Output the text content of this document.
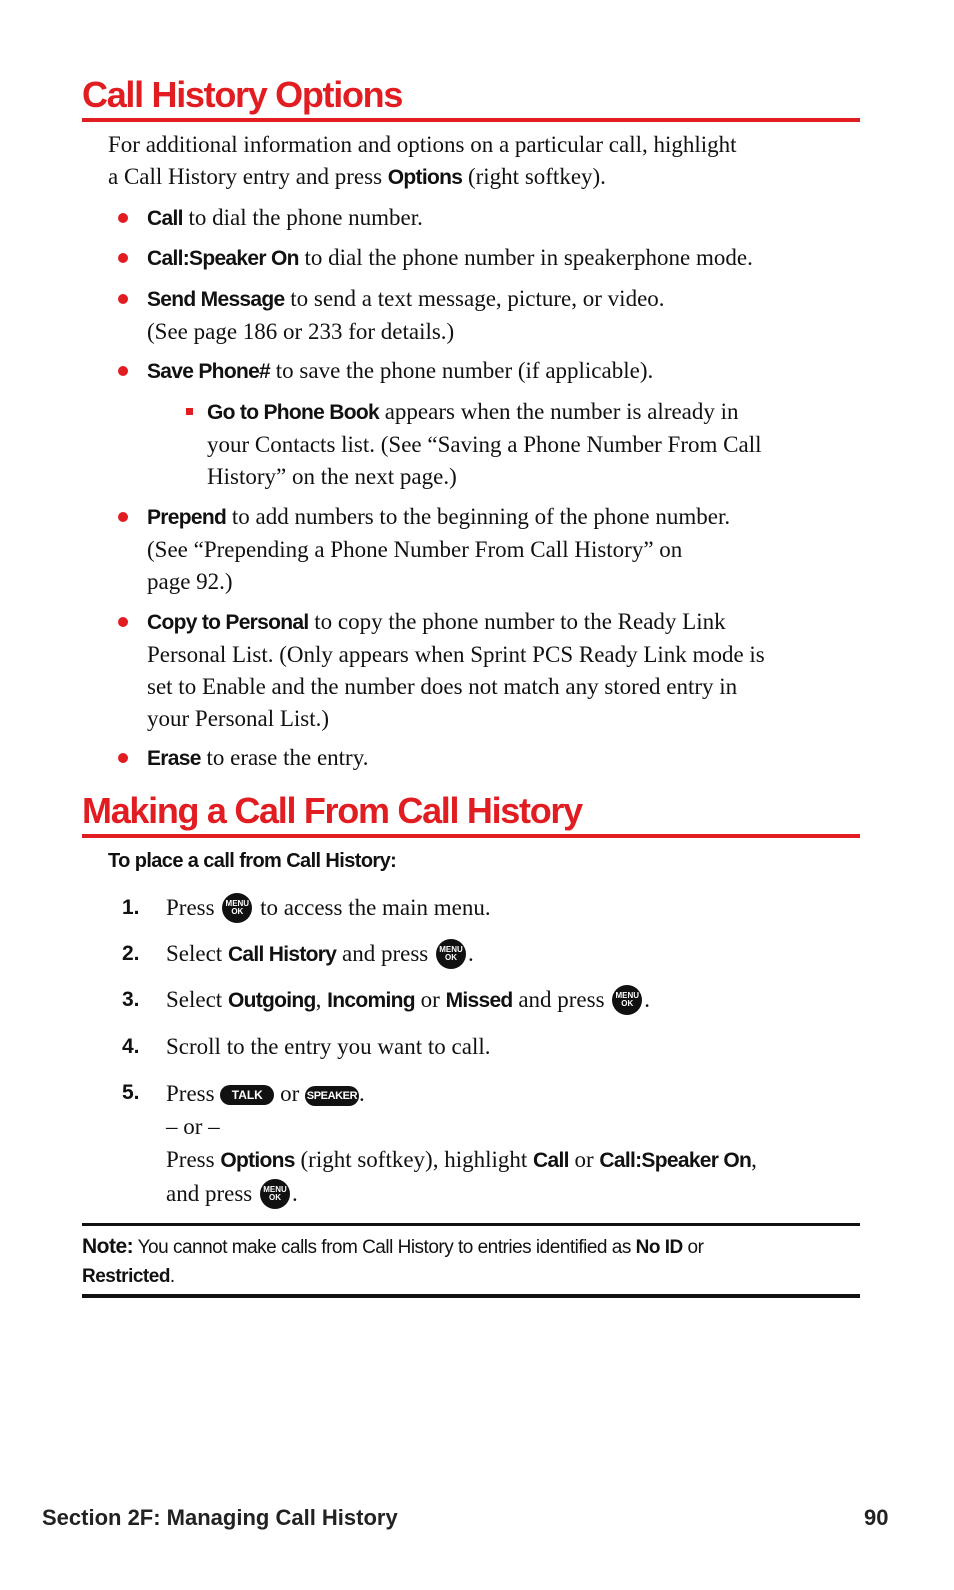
Call History Options
For additional information and options on a particular call, highlight
a Call History entry and press Options (right softkey).
Call to dial the phone number.
Call:Speaker On to dial the phone number in speakerphone mode.
Send Message to send a text message, picture, or video.
(See page 186 or 233 for details.)
Save Phone# to save the phone number (if applicable).
Go to Phone Book appears when the number is already in
your Contacts list. (See “Saving a Phone Number From Call
History” on the next page.)
Prepend to add numbers to the beginning of the phone number.
(See “Prepending a Phone Number From Call History” on
page 92.)
Copy to Personal to copy the phone number to the Ready Link
Personal List. (Only appears when Sprint PCS Ready Link mode is
set to Enable and the number does not match any stored entry in
your Personal List.)
Erase to erase the entry.
Making a Call From Call History
To place a call from Call History:
1.	Press	MENU
OK to access the main menu.
2.	Select Call History and press	MENU
OK .
3.	Select Outgoing, Incoming or Missed and press	MENU
OK .
4.	Scroll to the entry you want to call.
5.	Press TALK or SPEAKER.
– or –
Press Options (right softkey), highlight Call or Call:Speaker On,
and press	MENU
OK .
Note: You cannot make calls from Call History to entries identified as No ID or
Restricted.
Section 2F: Managing Call History	90
